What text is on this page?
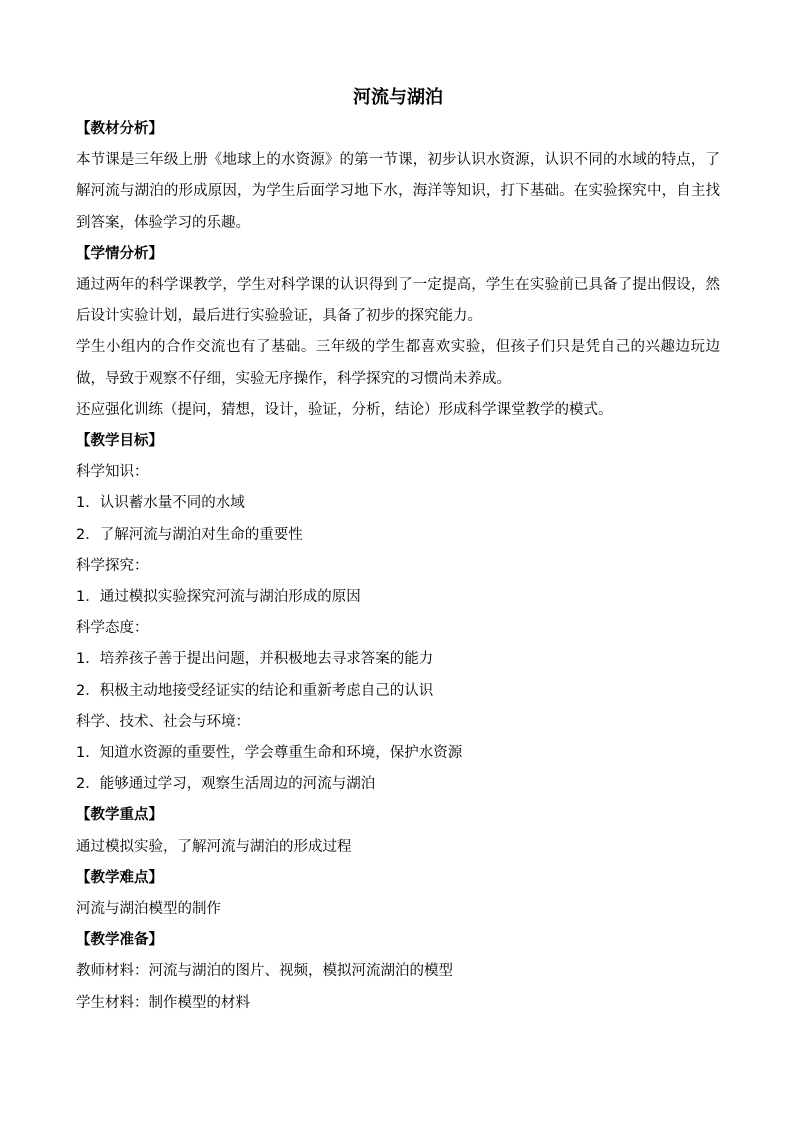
河流与湖泊
【教材分析】

本节课是三年级上册《地球上的水资源》的第一节课，初步认识水资源，认识不同的水域的特点，了解河流与湖泊的形成原因，为学生后面学习地下水，海洋等知识，打下基础。在实验探究中，自主找到答案，体验学习的乐趣。

【学情分析】

通过两年的科学课教学，学生对科学课的认识得到了一定提高，学生在实验前已具备了提出假设，然后设计实验计划，最后进行实验验证，具备了初步的探究能力。

学生小组内的合作交流也有了基础。三年级的学生都喜欢实验，但孩子们只是凭自己的兴趣边玩边做，导致于观察不仔细，实验无序操作，科学探究的习惯尚未养成。

还应强化训练（提问，猜想，设计，验证，分析，结论）形成科学课堂教学的模式。

【教学目标】

科学知识：

1．认识蓄水量不同的水域

2．了解河流与湖泊对生命的重要性

科学探究：

1．通过模拟实验探究河流与湖泊形成的原因

科学态度：

1．培养孩子善于提出问题，并积极地去寻求答案的能力

2．积极主动地接受经证实的结论和重新考虑自己的认识

科学、技术、社会与环境：

1．知道水资源的重要性，学会尊重生命和环境，保护水资源

2．能够通过学习，观察生活周边的河流与湖泊

【教学重点】

通过模拟实验，了解河流与湖泊的形成过程

【教学难点】

河流与湖泊模型的制作

【教学准备】

教师材料：河流与湖泊的图片、视频，模拟河流湖泊的模型

学生材料：制作模型的材料
